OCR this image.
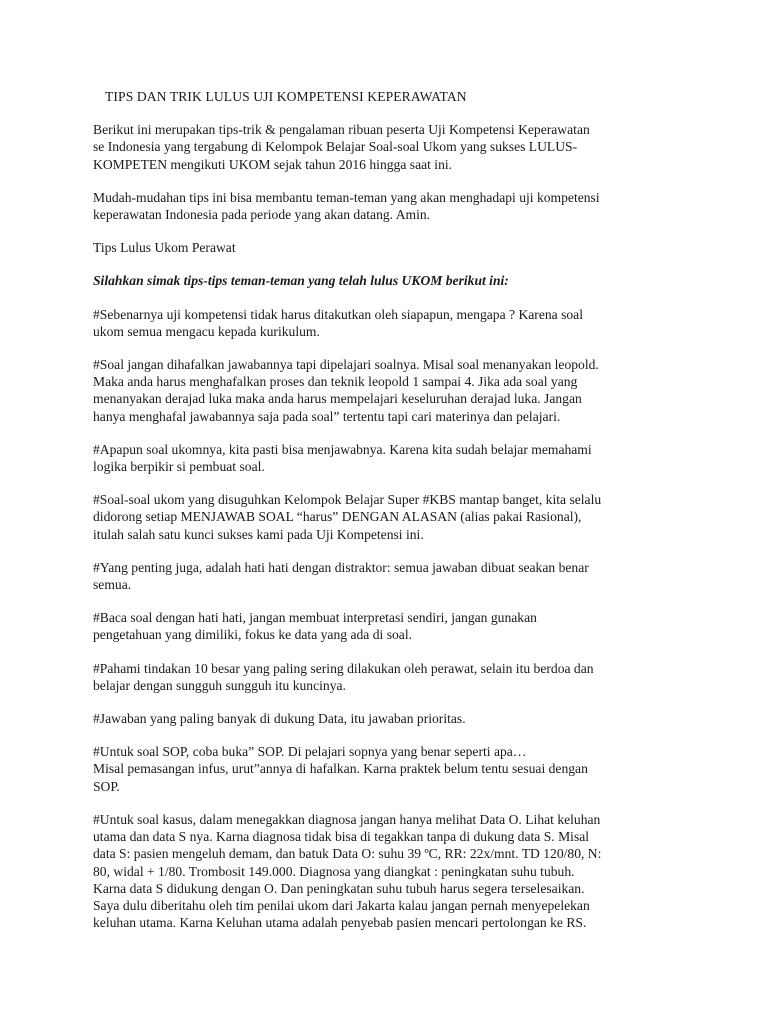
TIPS DAN TRIK LULUS UJI KOMPETENSI KEPERAWATAN
Berikut ini merupakan tips-trik & pengalaman ribuan peserta Uji Kompetensi Keperawatan
se Indonesia yang tergabung di Kelompok Belajar Soal-soal Ukom yang sukses LULUS-
KOMPETEN mengikuti UKOM sejak tahun 2016 hingga saat ini.
Mudah-mudahan tips ini bisa membantu teman-teman yang akan menghadapi uji kompetensi
keperawatan Indonesia pada periode yang akan datang. Amin.
Tips Lulus Ukom Perawat
Silahkan simak tips-tips teman-teman yang telah lulus UKOM berikut ini:
#Sebenarnya uji kompetensi tidak harus ditakutkan oleh siapapun, mengapa ? Karena soal
ukom semua mengacu kepada kurikulum.
#Soal jangan dihafalkan jawabannya tapi dipelajari soalnya. Misal soal menanyakan leopold.
Maka anda harus menghafalkan proses dan teknik leopold 1 sampai 4. Jika ada soal yang
menanyakan derajad luka maka anda harus mempelajari keseluruhan derajad luka. Jangan
hanya menghafal jawabannya saja pada soal” tertentu tapi cari materinya dan pelajari.
#Apapun soal ukomnya, kita pasti bisa menjawabnya. Karena kita sudah belajar memahami
logika berpikir si pembuat soal.
#Soal-soal ukom yang disuguhkan Kelompok Belajar Super #KBS mantap banget, kita selalu
didorong setiap MENJAWAB SOAL “harus” DENGAN ALASAN (alias pakai Rasional),
itulah salah satu kunci sukses kami pada Uji Kompetensi ini.
#Yang penting juga, adalah hati hati dengan distraktor: semua jawaban dibuat seakan benar
semua.
#Baca soal dengan hati hati, jangan membuat interpretasi sendiri, jangan gunakan
pengetahuan yang dimiliki, fokus ke data yang ada di soal.
#Pahami tindakan 10 besar yang paling sering dilakukan oleh perawat, selain itu berdoa dan
belajar dengan sungguh sungguh itu kuncinya.
#Jawaban yang paling banyak di dukung Data, itu jawaban prioritas.
#Untuk soal SOP, coba buka” SOP. Di pelajari sopnya yang benar seperti apa…
Misal pemasangan infus, urut”annya di hafalkan. Karna praktek belum tentu sesuai dengan
SOP.
#Untuk soal kasus, dalam menegakkan diagnosa jangan hanya melihat Data O. Lihat keluhan
utama dan data S nya. Karna diagnosa tidak bisa di tegakkan tanpa di dukung data S. Misal
data S: pasien mengeluh demam, dan batuk Data O: suhu 39 ºC, RR: 22x/mnt. TD 120/80, N:
80, widal + 1/80. Trombosit 149.000. Diagnosa yang diangkat : peningkatan suhu tubuh.
Karna data S didukung dengan O. Dan peningkatan suhu tubuh harus segera terselesaikan.
Saya dulu diberitahu oleh tim penilai ukom dari Jakarta kalau jangan pernah menyepelekan
keluhan utama. Karna Keluhan utama adalah penyebab pasien mencari pertolongan ke RS.
